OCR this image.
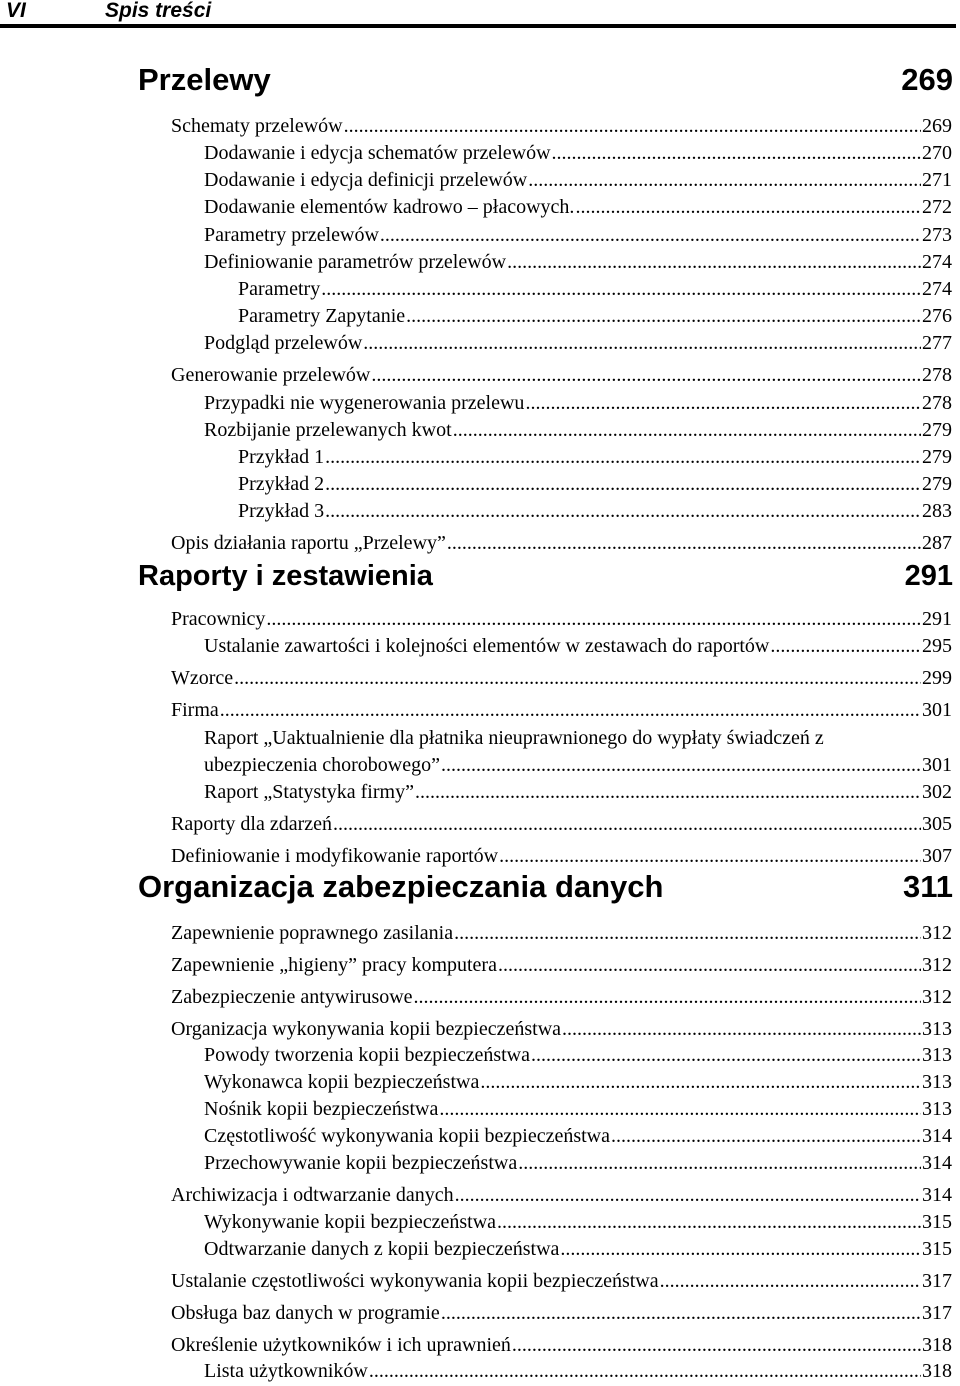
VI	Spis treści
Przelewy	269
Schematy przelewów .....	269
Dodawanie i edycja schematów przelewów .....	270
Dodawanie i edycja definicji przelewów .....	271
Dodawanie elementów kadrowo – płacowych. .....	272
Parametry przelewów .....	273
Definiowanie parametrów przelewów .....	274
Parametry .....	274
Parametry Zapytanie .....	276
Podgląd przelewów .....	277
Generowanie przelewów .....	278
Przypadki nie wygenerowania przelewu .....	278
Rozbijanie przelewanych kwot .....	279
Przykład 1 .....	279
Przykład 2 .....	279
Przykład 3 .....	283
Opis działania raportu „Przelewy” .....	287
Raporty i zestawienia	291
Pracownicy .....	291
Ustalanie zawartości i kolejności elementów w zestawach do raportów .....	295
Wzorce .....	299
Firma .....	301
Raport „Uaktualnienie dla płatnika nieuprawnionego do wypłaty świadczeń z
ubezpieczenia chorobowego” .....	301
Raport „Statystyka firmy” .....	302
Raporty dla zdarzeń .....	305
Definiowanie i modyfikowanie raportów .....	307
Organizacja zabezpieczania danych	311
Zapewnienie poprawnego zasilania .....	312
Zapewnienie „higieny” pracy komputera .....	312
Zabezpieczenie antywirusowe .....	312
Organizacja wykonywania kopii bezpieczeństwa .....	313
Powody tworzenia kopii bezpieczeństwa .....	313
Wykonawca kopii bezpieczeństwa .....	313
Nośnik kopii bezpieczeństwa .....	313
Częstotliwość wykonywania kopii bezpieczeństwa .....	314
Przechowywanie kopii bezpieczeństwa .....	314
Archiwizacja i odtwarzanie danych .....	314
Wykonywanie kopii bezpieczeństwa .....	315
Odtwarzanie danych z kopii bezpieczeństwa .....	315
Ustalanie częstotliwości wykonywania kopii bezpieczeństwa .....	317
Obsługa baz danych w programie .....	317
Określenie użytkowników i ich uprawnień .....	318
Lista użytkowników .....	318
